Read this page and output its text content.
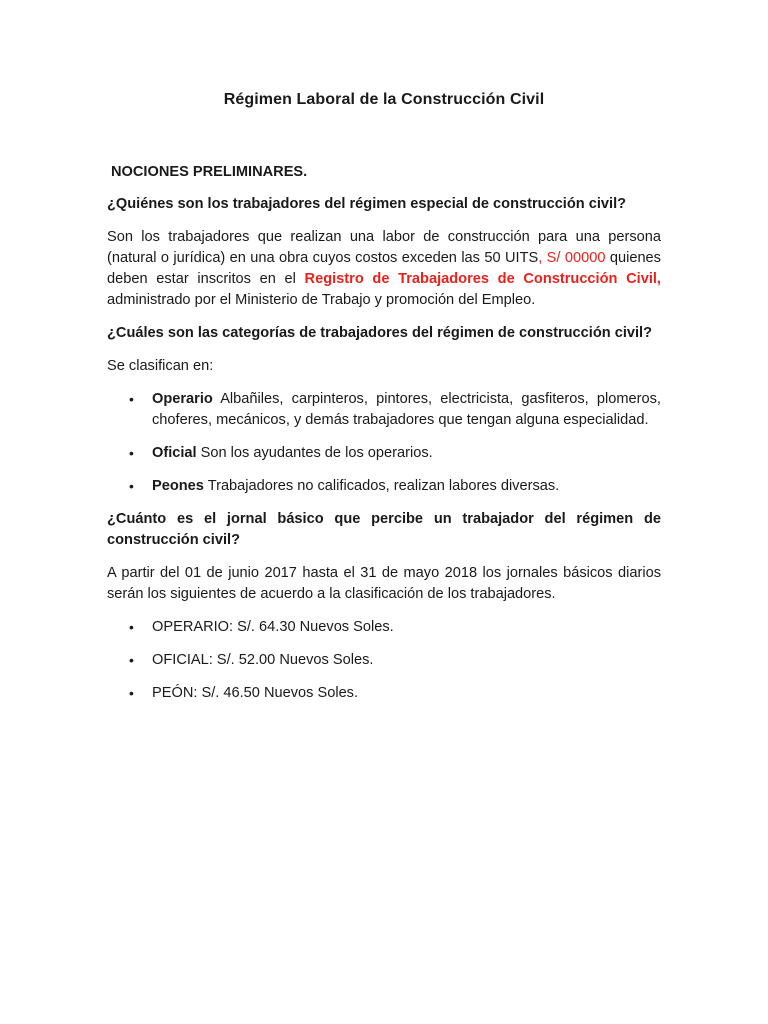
Régimen Laboral de la Construcción Civil
NOCIONES PRELIMINARES.
¿Quiénes son los trabajadores del régimen especial de construcción civil?
Son los trabajadores que realizan una labor de construcción para una persona (natural o jurídica) en una obra cuyos costos exceden las 50 UITS, S/ 00000 quienes deben estar inscritos en el Registro de Trabajadores de Construcción Civil, administrado por el Ministerio de Trabajo y promoción del Empleo.
¿Cuáles son las categorías de trabajadores del régimen de construcción civil?
Se clasifican en:
• Operario Albañiles, carpinteros, pintores, electricista, gasfiteros, plomeros, choferes, mecánicos, y demás trabajadores que tengan alguna especialidad.
• Oficial Son los ayudantes de los operarios.
• Peones Trabajadores no calificados, realizan labores diversas.
¿Cuánto es el jornal básico que percibe un trabajador del régimen de construcción civil?
A partir del 01 de junio 2017 hasta el 31 de mayo 2018 los jornales básicos diarios serán los siguientes de acuerdo a la clasificación de los trabajadores.
• OPERARIO: S/. 64.30 Nuevos Soles.
• OFICIAL: S/. 52.00 Nuevos Soles.
• PEÓN: S/. 46.50 Nuevos Soles.
